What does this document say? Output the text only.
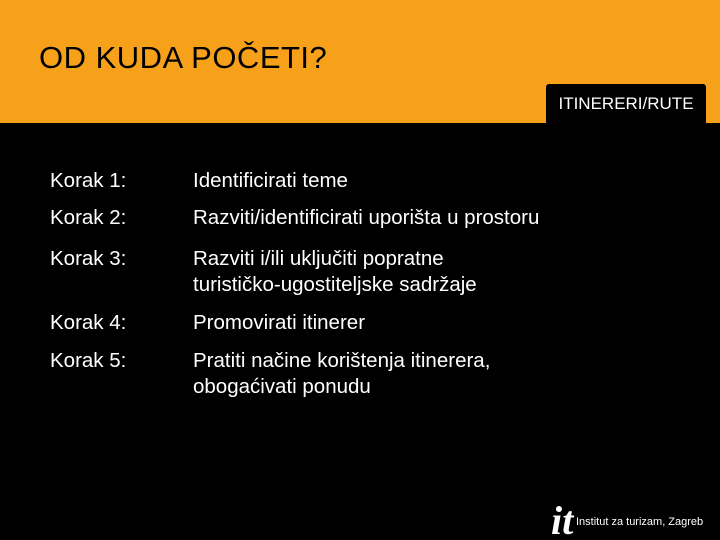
OD KUDA POČETI?
ITINERERI/RUTE
Korak 1:	Identificirati teme
Korak 2:	Razviti/identificirati uporišta u prostoru
Korak 3:	Razviti i/ili uključiti popratne
turističko-ugostiteljske sadržaje
Korak 4:	Promovirati itinerer
Korak 5:	Pratiti načine korištenja itinerera,
obogaćivati ponudu
it Institut za turizam, Zagreb
